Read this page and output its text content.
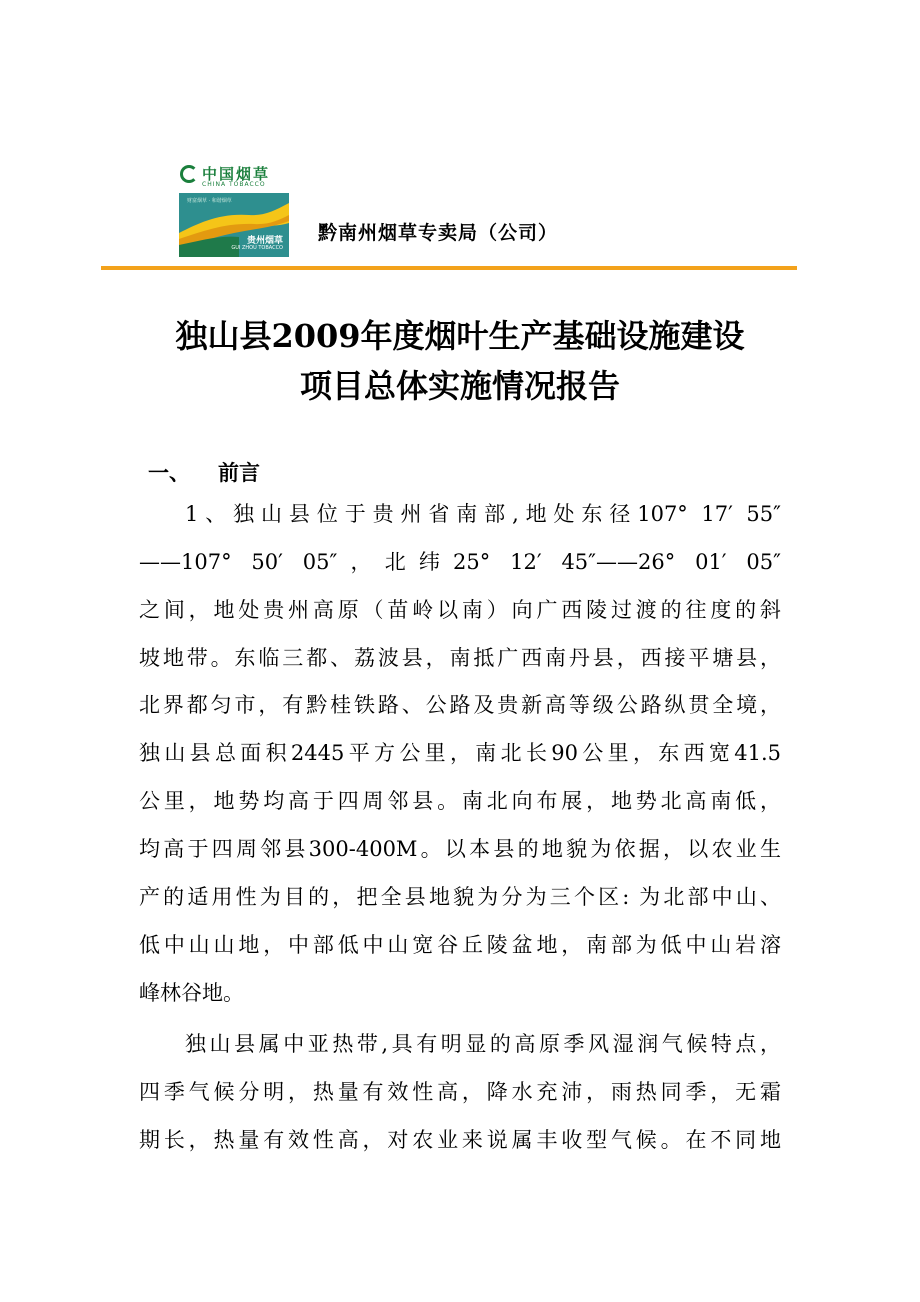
中国烟草
CHINA TOBACCO
财富烟草 · 和谐烟草
贵州烟草
GUI ZHOU TOBACCO
黔南州烟草专卖局（公司）
独山县2009年度烟叶生产基础设施建设
项目总体实施情况报告
一、 前言
1、独山县位于贵州省南部,地处东径107° 17′ 55″
——107° 50′ 05″，北纬25° 12′ 45″——26° 01′ 05″
之间，地处贵州高原（苗岭以南）向广西陵过渡的往度的斜
坡地带。东临三都、荔波县，南抵广西南丹县，西接平塘县，
北界都匀市，有黔桂铁路、公路及贵新高等级公路纵贯全境，
独山县总面积2445平方公里，南北长90公里，东西宽41.5
公里，地势均高于四周邻县。南北向布展，地势北高南低，
均高于四周邻县300-400M。以本县的地貌为依据，以农业生
产的适用性为目的，把全县地貌为分为三个区: 为北部中山、
低中山山地，中部低中山宽谷丘陵盆地，南部为低中山岩溶
峰林谷地。
独山县属中亚热带,具有明显的高原季风湿润气候特点，
四季气候分明，热量有效性高，降水充沛，雨热同季，无霜
期长，热量有效性高，对农业来说属丰收型气候。在不同地
